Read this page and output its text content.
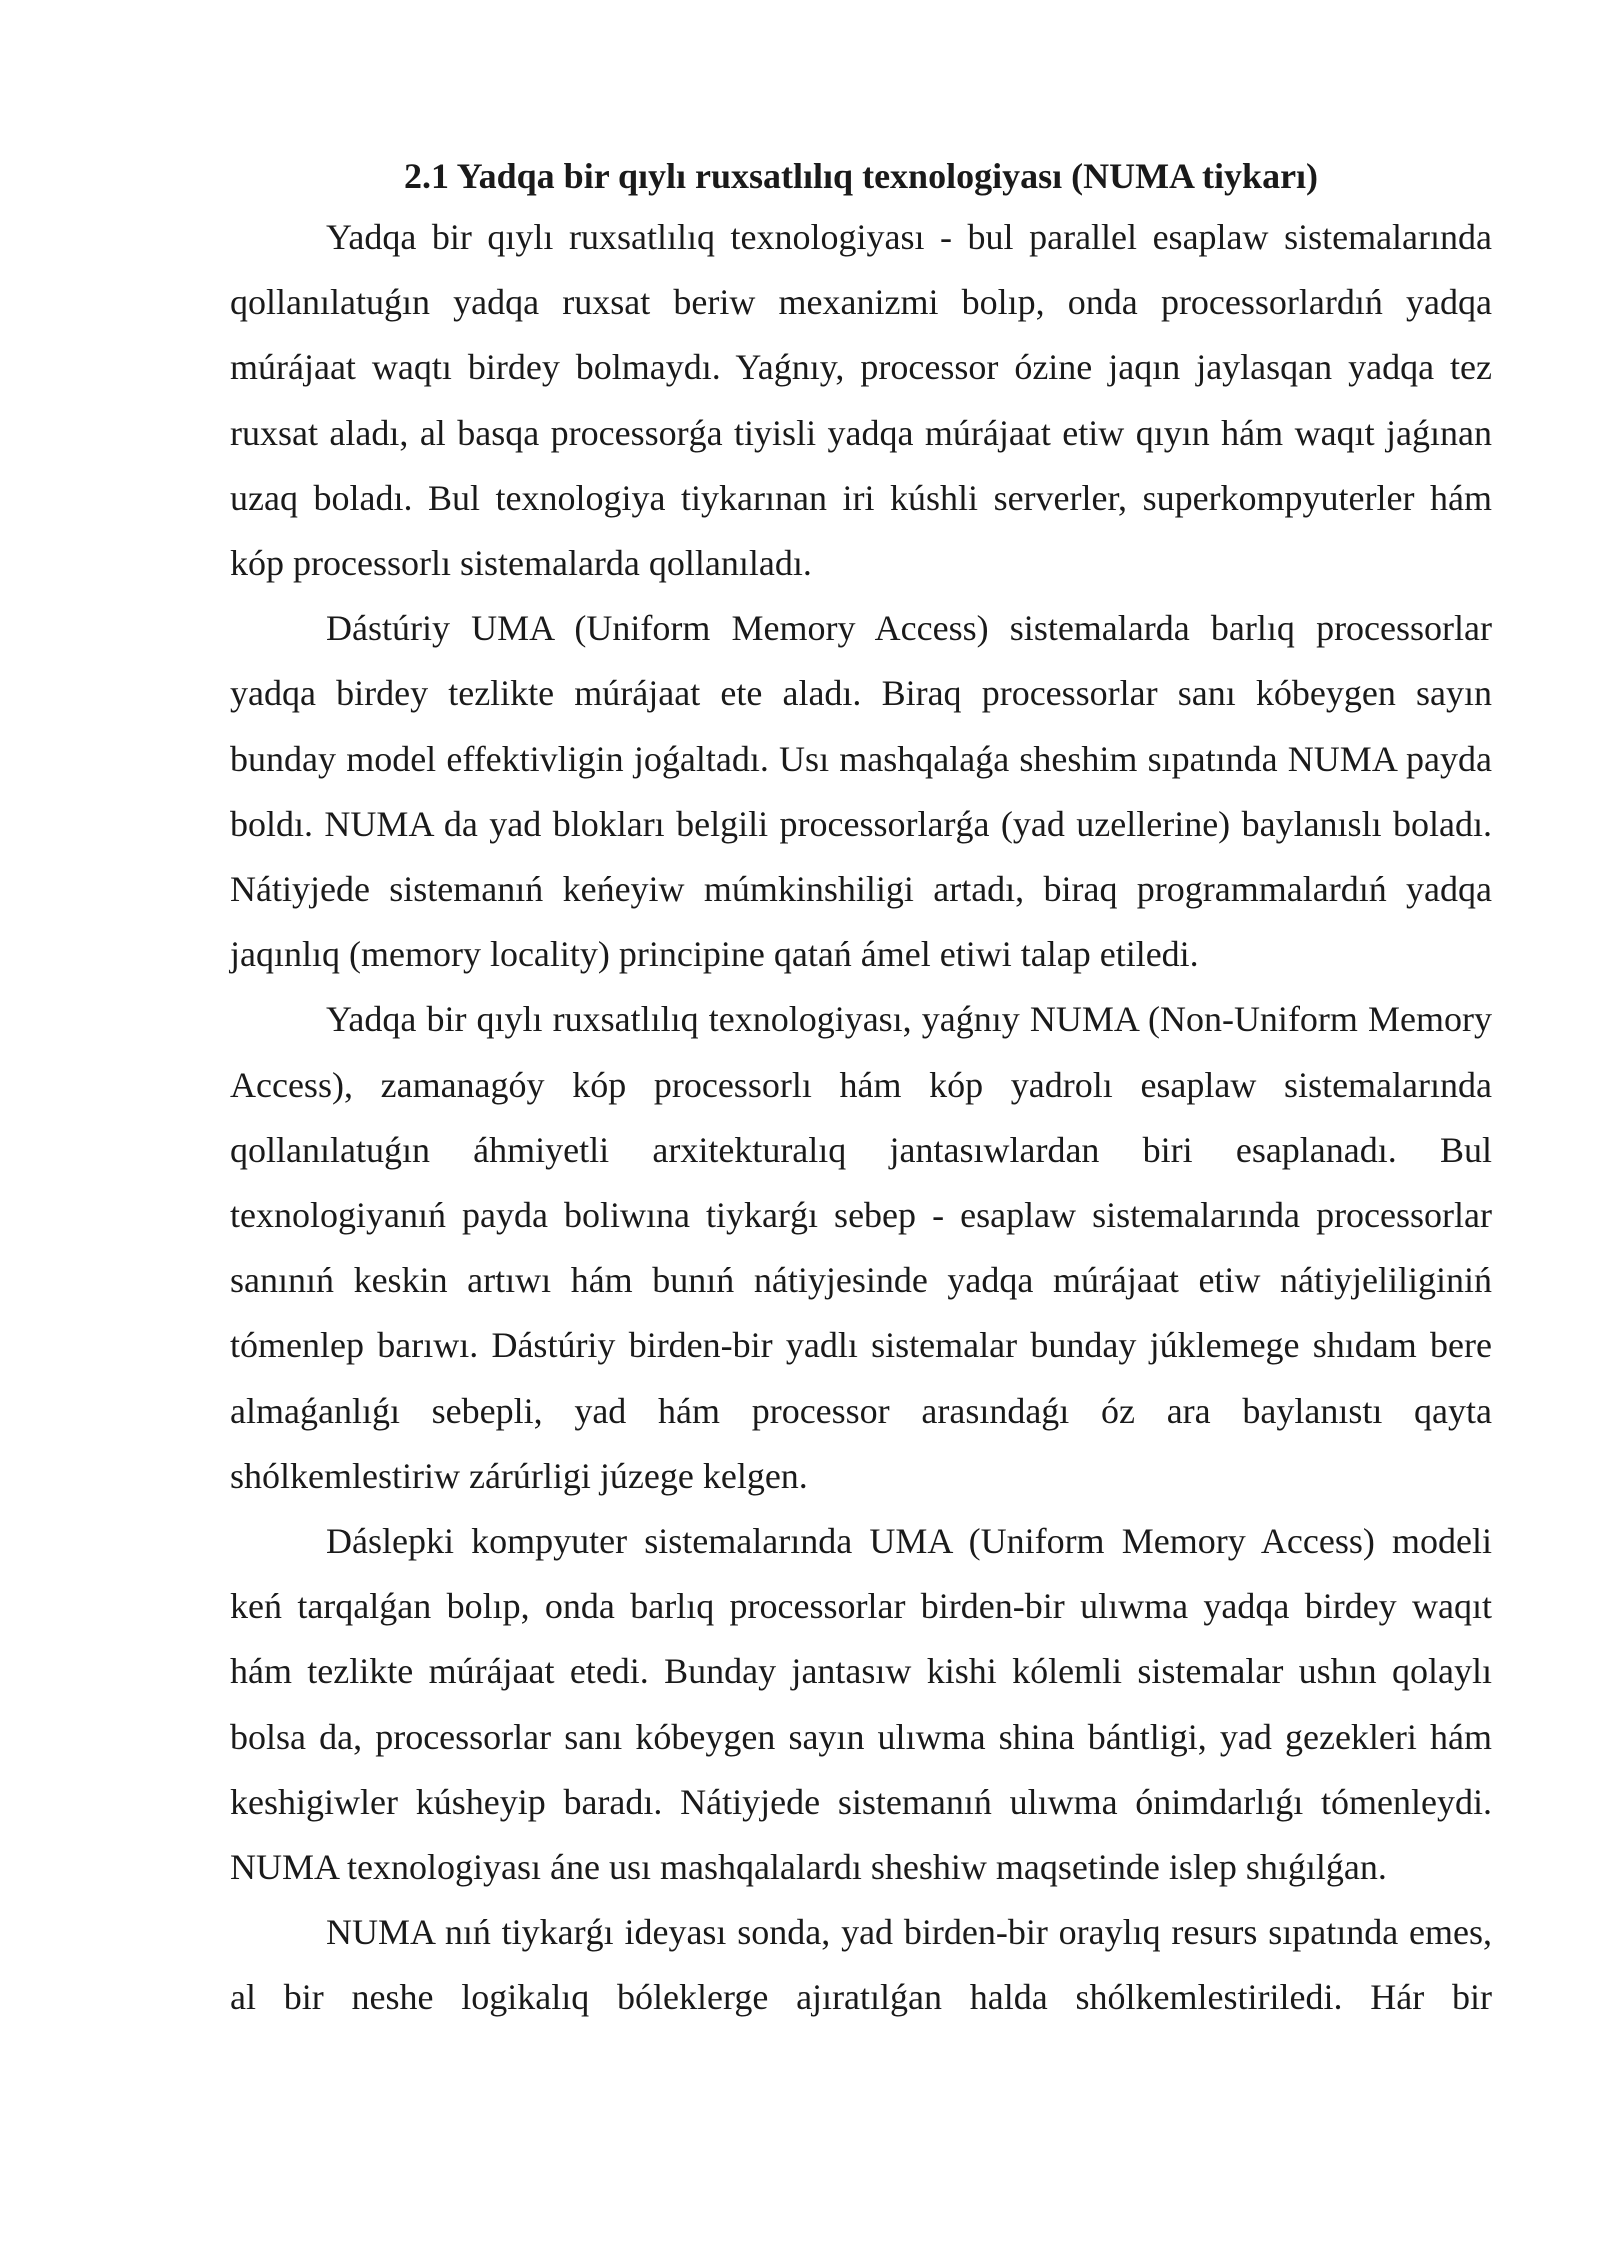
2.1 Yadqa bir qıylı ruxsatlılıq texnologiyası (NUMA tiykarı)

Yadqa bir qıylı ruxsatlılıq texnologiyası - bul parallel esaplaw sistemalarında qollanılatuǵın yadqa ruxsat beriw mexanizmi bolıp, onda processorlardıń yadqa múrájaat waqtı birdey bolmaydı. Yaǵnıy, processor ózine jaqın jaylasqan yadqa tez ruxsat aladı, al basqa processorǵa tiyisli yadqa múrájaat etiw qıyın hám waqıt jaǵınan uzaq boladı. Bul texnologiya tiykarınan iri kúshli serverler, superkompyuterler hám kóp processorlı sistemalarda qollanıladı.

Dástúriy UMA (Uniform Memory Access) sistemalarda barlıq processorlar yadqa birdey tezlikte múrájaat ete aladı. Biraq processorlar sanı kóbeygen sayın bunday model effektivligin joǵaltadı. Usı mashqalaǵa sheshim sıpatında NUMA payda boldı. NUMA da yad blokları belgili processorlarǵa (yad uzellerine) baylanıslı boladı. Nátiyjede sistemanıń keńeyiw múmkinshiligi artadı, biraq programmalardıń yadqa jaqınlıq (memory locality) principine qatań ámel etiwi talap etiledi.

Yadqa bir qıylı ruxsatlılıq texnologiyası, yaǵnıy NUMA (Non-Uniform Memory Access), zamanagóy kóp processorlı hám kóp yadrolı esaplaw sistemalarında qollanılatuǵın áhmiyetli arxitekturalıq jantasıwlardan biri esaplanadı. Bul texnologiyanıń payda boliwına tiykarǵı sebep - esaplaw sistemalarında processorlar sanınıń keskin artıwı hám bunıń nátiyjesinde yadqa múrájaat etiw nátiyjeliliginiń tómenlep barıwı. Dástúriy birden-bir yadlı sistemalar bunday júklemege shıdam bere almaǵanlıǵı sebepli, yad hám processor arasındaǵı óz ara baylanıstı qayta shólkemlestiriw zárúrligi júzege kelgen.

Dáslepki kompyuter sistemalarında UMA (Uniform Memory Access) modeli keń tarqalǵan bolıp, onda barlıq processorlar birden-bir ulıwma yadqa birdey waqıt hám tezlikte múrájaat etedi. Bunday jantasıw kishi kólemli sistemalar ushın qolaylı bolsa da, processorlar sanı kóbeygen sayın ulıwma shina bántligi, yad gezekleri hám keshigiwler kúsheyip baradı. Nátiyjede sistemanıń ulıwma ónimdarlıǵı tómenleydi. NUMA texnologiyası áne usı mashqalalardı sheshiw maqsetinde islep shıǵılǵan.

NUMA nıń tiykarǵı ideyası sonda, yad birden-bir oraylıq resurs sıpatında emes, al bir neshe logikalıq bóleklerge ajıratılǵan halda shólkemlestiriledi. Hár bir
